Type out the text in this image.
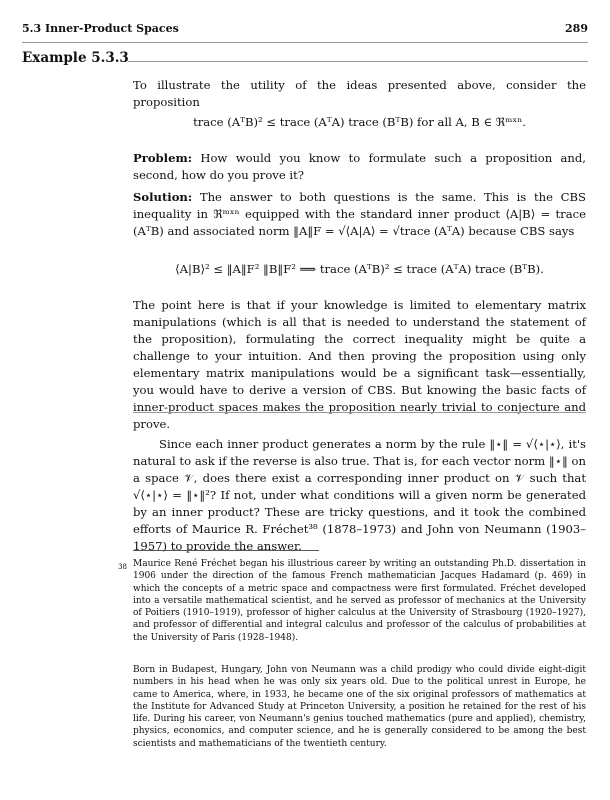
5.3 Inner-Product Spaces	289
Example 5.3.3
To illustrate the utility of the ideas presented above, consider the proposition
trace (AᵀB)² ≤ trace (AᵀA) trace (BᵀB) for all A, B ∈ ℜᵐˣⁿ.
Problem: How would you know to formulate such a proposition and, second, how do you prove it?
Solution: The answer to both questions is the same. This is the CBS inequality in ℜᵐˣⁿ equipped with the standard inner product ⟨A|B⟩ = trace (AᵀB) and associated norm ‖A‖F = √⟨A|A⟩ = √trace (AᵀA) because CBS says
⟨A|B⟩² ≤ ‖A‖F² ‖B‖F² ⟹ trace (AᵀB)² ≤ trace (AᵀA) trace (BᵀB).
The point here is that if your knowledge is limited to elementary matrix manipulations (which is all that is needed to understand the statement of the proposition), formulating the correct inequality might be quite a challenge to your intuition. And then proving the proposition using only elementary matrix manipulations would be a significant task—essentially, you would have to derive a version of CBS. But knowing the basic facts of inner-product spaces makes the proposition nearly trivial to conjecture and prove.
Since each inner product generates a norm by the rule ‖⋆‖ = √⟨⋆|⋆⟩, it's natural to ask if the reverse is also true. That is, for each vector norm ‖⋆‖ on a space 𝒱, does there exist a corresponding inner product on 𝒱 such that √⟨⋆|⋆⟩ = ‖⋆‖²? If not, under what conditions will a given norm be generated by an inner product? These are tricky questions, and it took the combined efforts of Maurice R. Fréchet³⁸ (1878–1973) and John von Neumann (1903–1957) to provide the answer.
38 Maurice René Fréchet began his illustrious career by writing an outstanding Ph.D. dissertation in 1906 under the direction of the famous French mathematician Jacques Hadamard (p. 469) in which the concepts of a metric space and compactness were first formulated. Fréchet developed into a versatile mathematical scientist, and he served as professor of mechanics at the University of Poitiers (1910–1919), professor of higher calculus at the University of Strasbourg (1920–1927), and professor of differential and integral calculus and professor of the calculus of probabilities at the University of Paris (1928–1948).
Born in Budapest, Hungary, John von Neumann was a child prodigy who could divide eight-digit numbers in his head when he was only six years old. Due to the political unrest in Europe, he came to America, where, in 1933, he became one of the six original professors of mathematics at the Institute for Advanced Study at Princeton University, a position he retained for the rest of his life. During his career, von Neumann's genius touched mathematics (pure and applied), chemistry, physics, economics, and computer science, and he is generally considered to be among the best scientists and mathematicians of the twentieth century.
